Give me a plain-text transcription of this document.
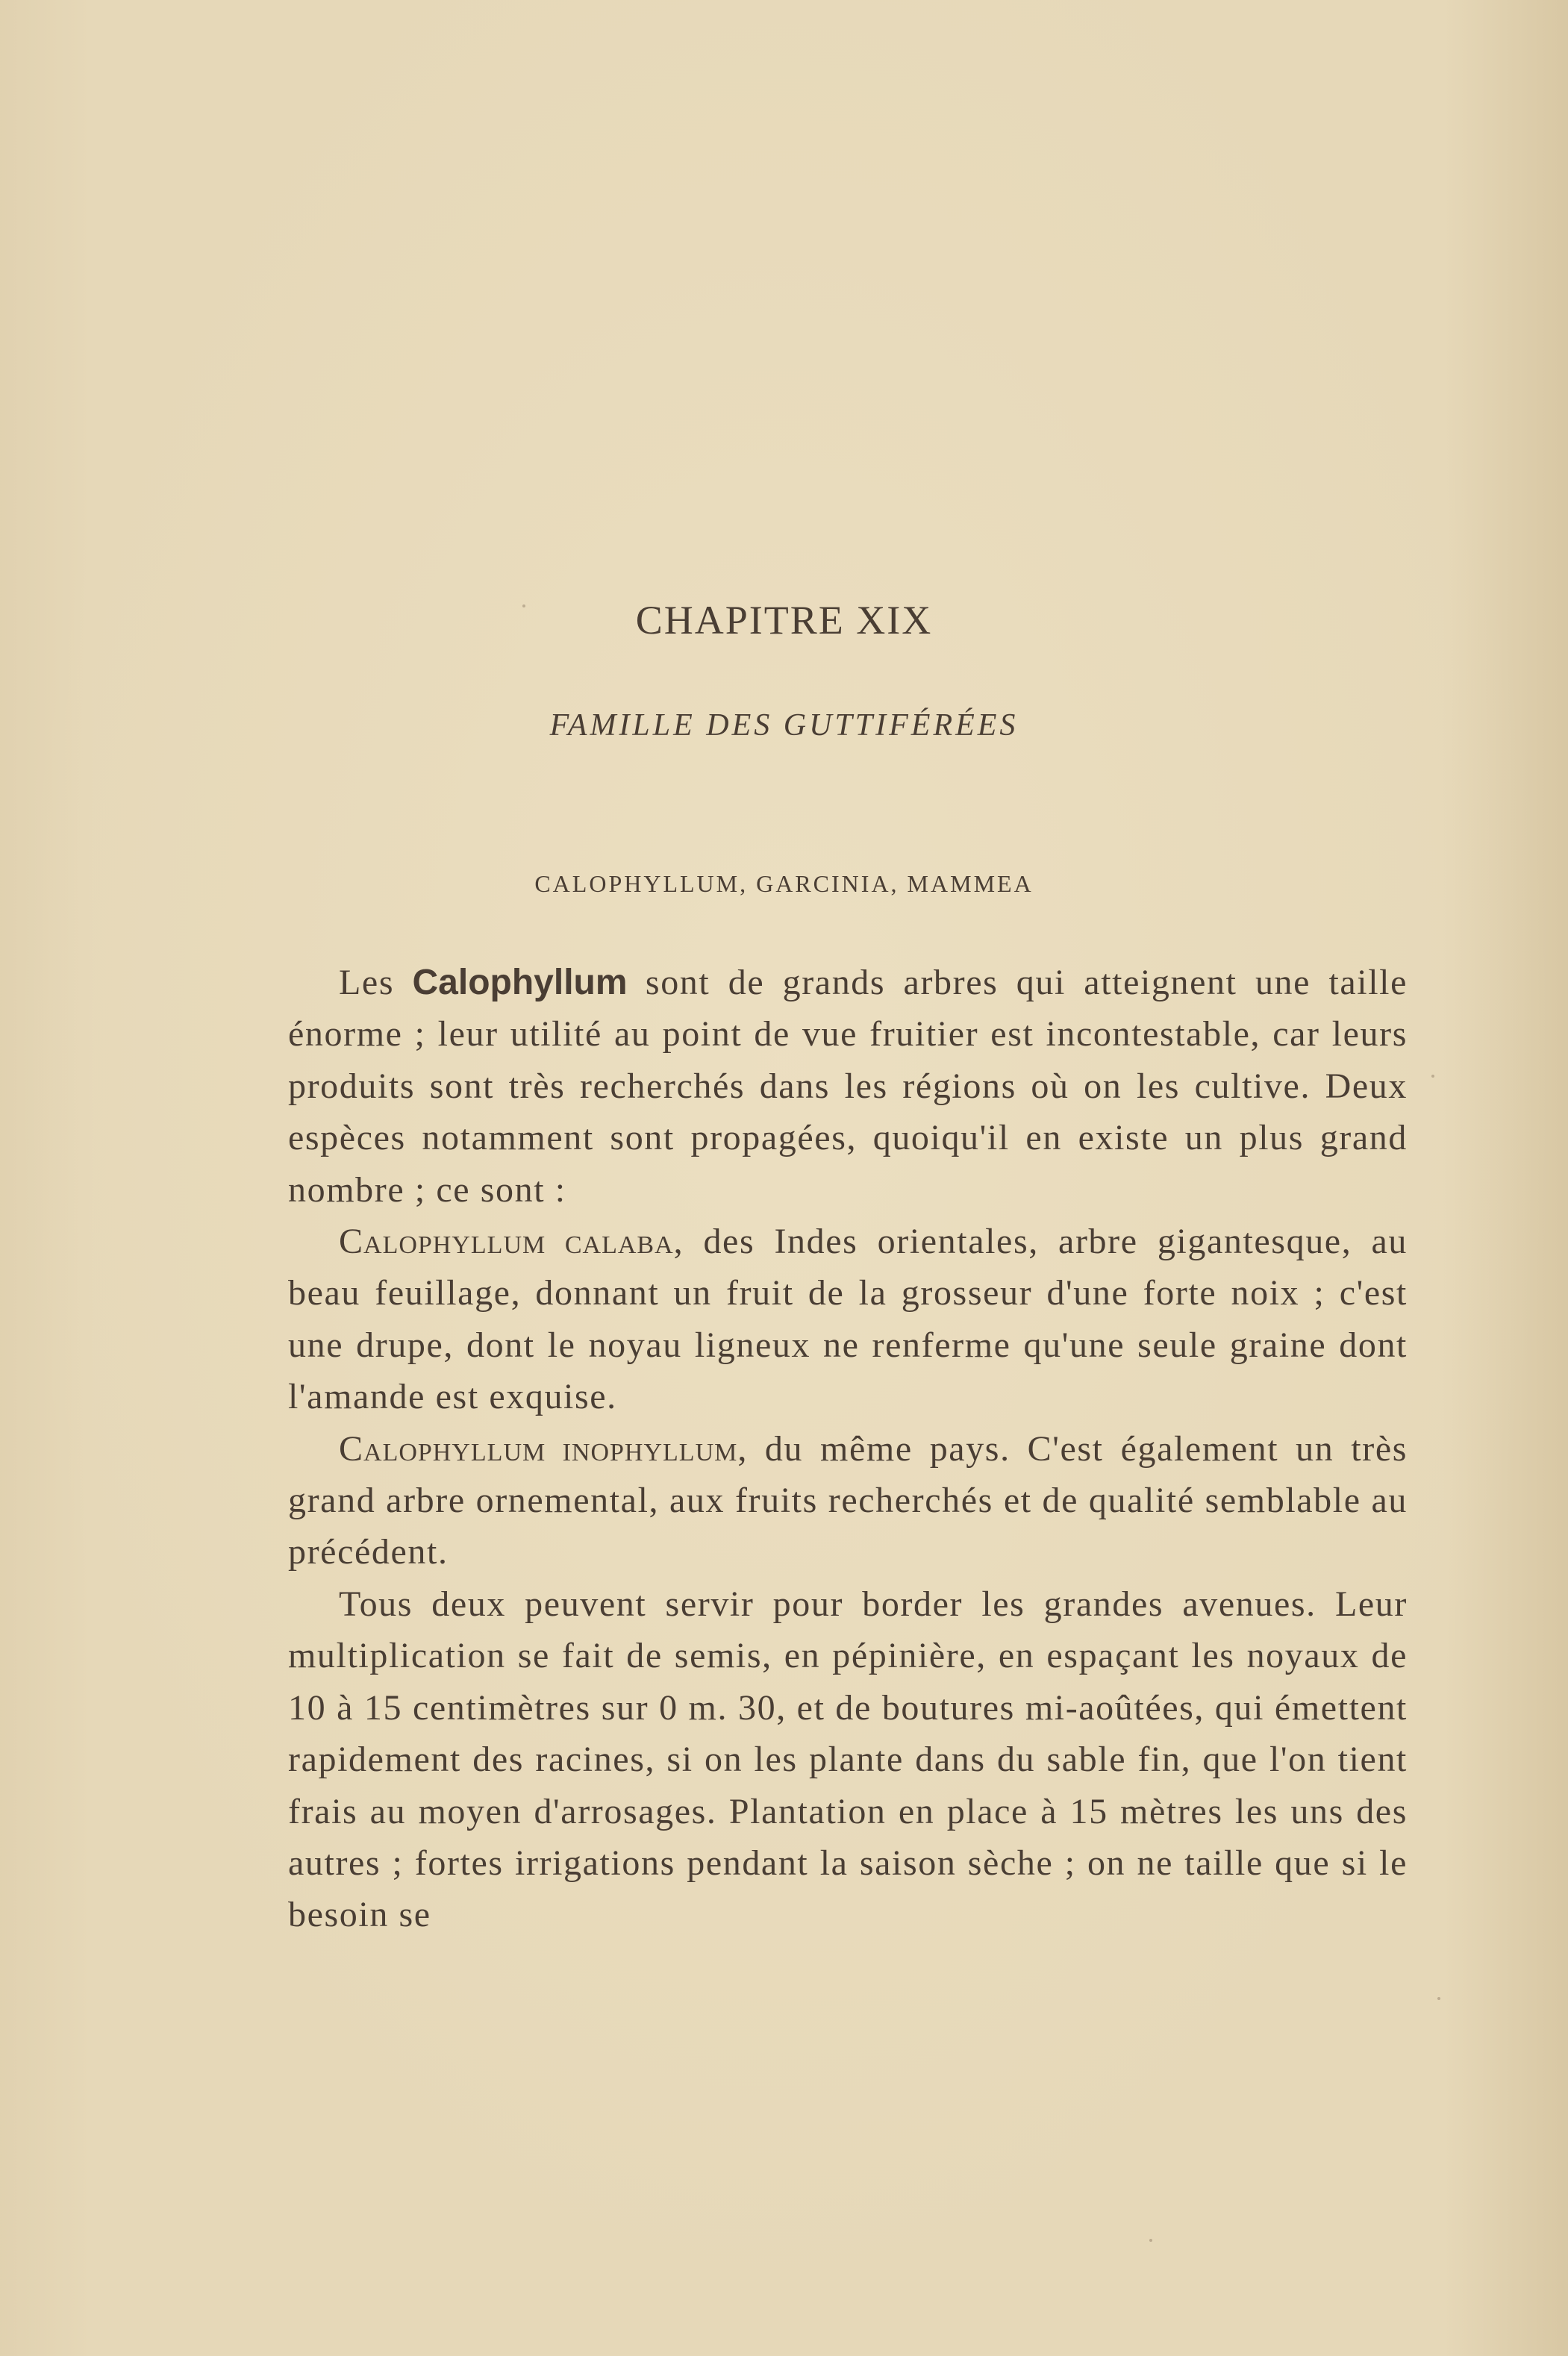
CHAPITRE XIX
FAMILLE DES GUTTIFÉRÉES
CALOPHYLLUM, GARCINIA, MAMMEA

Les Calophyllum sont de grands arbres qui atteignent une taille énorme ; leur utilité au point de vue fruitier est incontestable, car leurs produits sont très recherchés dans les régions où on les cultive. Deux espèces notamment sont propagées, quoiqu'il en existe un plus grand nombre ; ce sont :

Calophyllum calaba, des Indes orientales, arbre gigantesque, au beau feuillage, donnant un fruit de la grosseur d'une forte noix ; c'est une drupe, dont le noyau ligneux ne renferme qu'une seule graine dont l'amande est exquise.

Calophyllum inophyllum, du même pays. C'est également un très grand arbre ornemental, aux fruits recherchés et de qualité semblable au précédent.

Tous deux peuvent servir pour border les grandes avenues. Leur multiplication se fait de semis, en pépinière, en espaçant les noyaux de 10 à 15 centimètres sur 0 m. 30, et de boutures mi-aoûtées, qui émettent rapidement des racines, si on les plante dans du sable fin, que l'on tient frais au moyen d'arrosages. Plantation en place à 15 mètres les uns des autres ; fortes irrigations pendant la saison sèche ; on ne taille que si le besoin se
